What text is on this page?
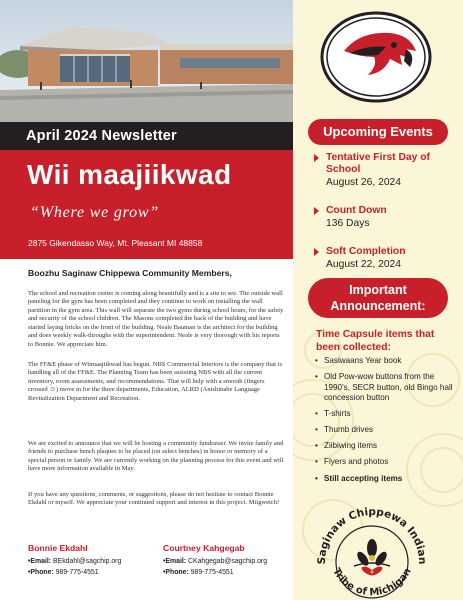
April 2024 Newsletter
Wii maajiikwad
“Where we grow”
2875 Gikendasso Way, Mt. Pleasant MI 48858
Boozhu Saginaw Chippewa Community Members,

The school and recreation center is coming along beautifully and is a site to see. The outside wall paneling for the gym has been completed and they continue to work on installing the wall partition in the gym area. This wall will separate the two gyms during school hours, for the safety and security of the school children. The Masons completed the back of the building and have started laying bricks on the front of the building. Neale Bauman is the architect for the building and does weekly walk-throughs with the superintendent. Neale is very thorough with his reports to Bonnie. We appreciate him.

The FF&E phase of Wiimaajiikwad has begun. NBS Commercial Interiors is the company that is handling all of the FF&E. The Planning Team has been assisting NBS with all the current inventory, room assessments, and recommendations. That will help with a smooth (fingers crossed ☺) move in for the three departments, Education, ALRD (Anishinabe Language Revitalization Department and Recreation.

We are excited to announce that we will be hosting a community fundraiser. We invite family and friends to purchase bench plaques to be placed (on select benches) in honor or memory of a special person or family. We are currently working on the planning process for this event and will have more information available in May.

If you have any questions, comments, or suggestions, please do not hesitate to contact Bonnie Ekdahl or myself. We appreciate your continued support and interest in this project. Miigwetch!

Bonnie Ekdahl
•Email: BEkdahl@sagchip.org
•Phone: 989-775-4551
Courtney Kahgegab
•Email: CKahgegab@sagchip.org
•Phone: 989-775-4551
Upcoming Events
Tentative First Day of School
August 26, 2024
Count Down
136 Days
Soft Completion
August 22, 2024
Important
Announcement:
Time Capsule items that been collected:
• Sasiwaans Year book
• Old Pow-wow buttons from the 1990’s, SECR button, old Bingo hall concession button
• T-shirts
• Thumb drives
• Ziibiwing items
• Flyers and photos
• Still accepting items
Saginaw Chippewa Indian
Tribe of Michigan
